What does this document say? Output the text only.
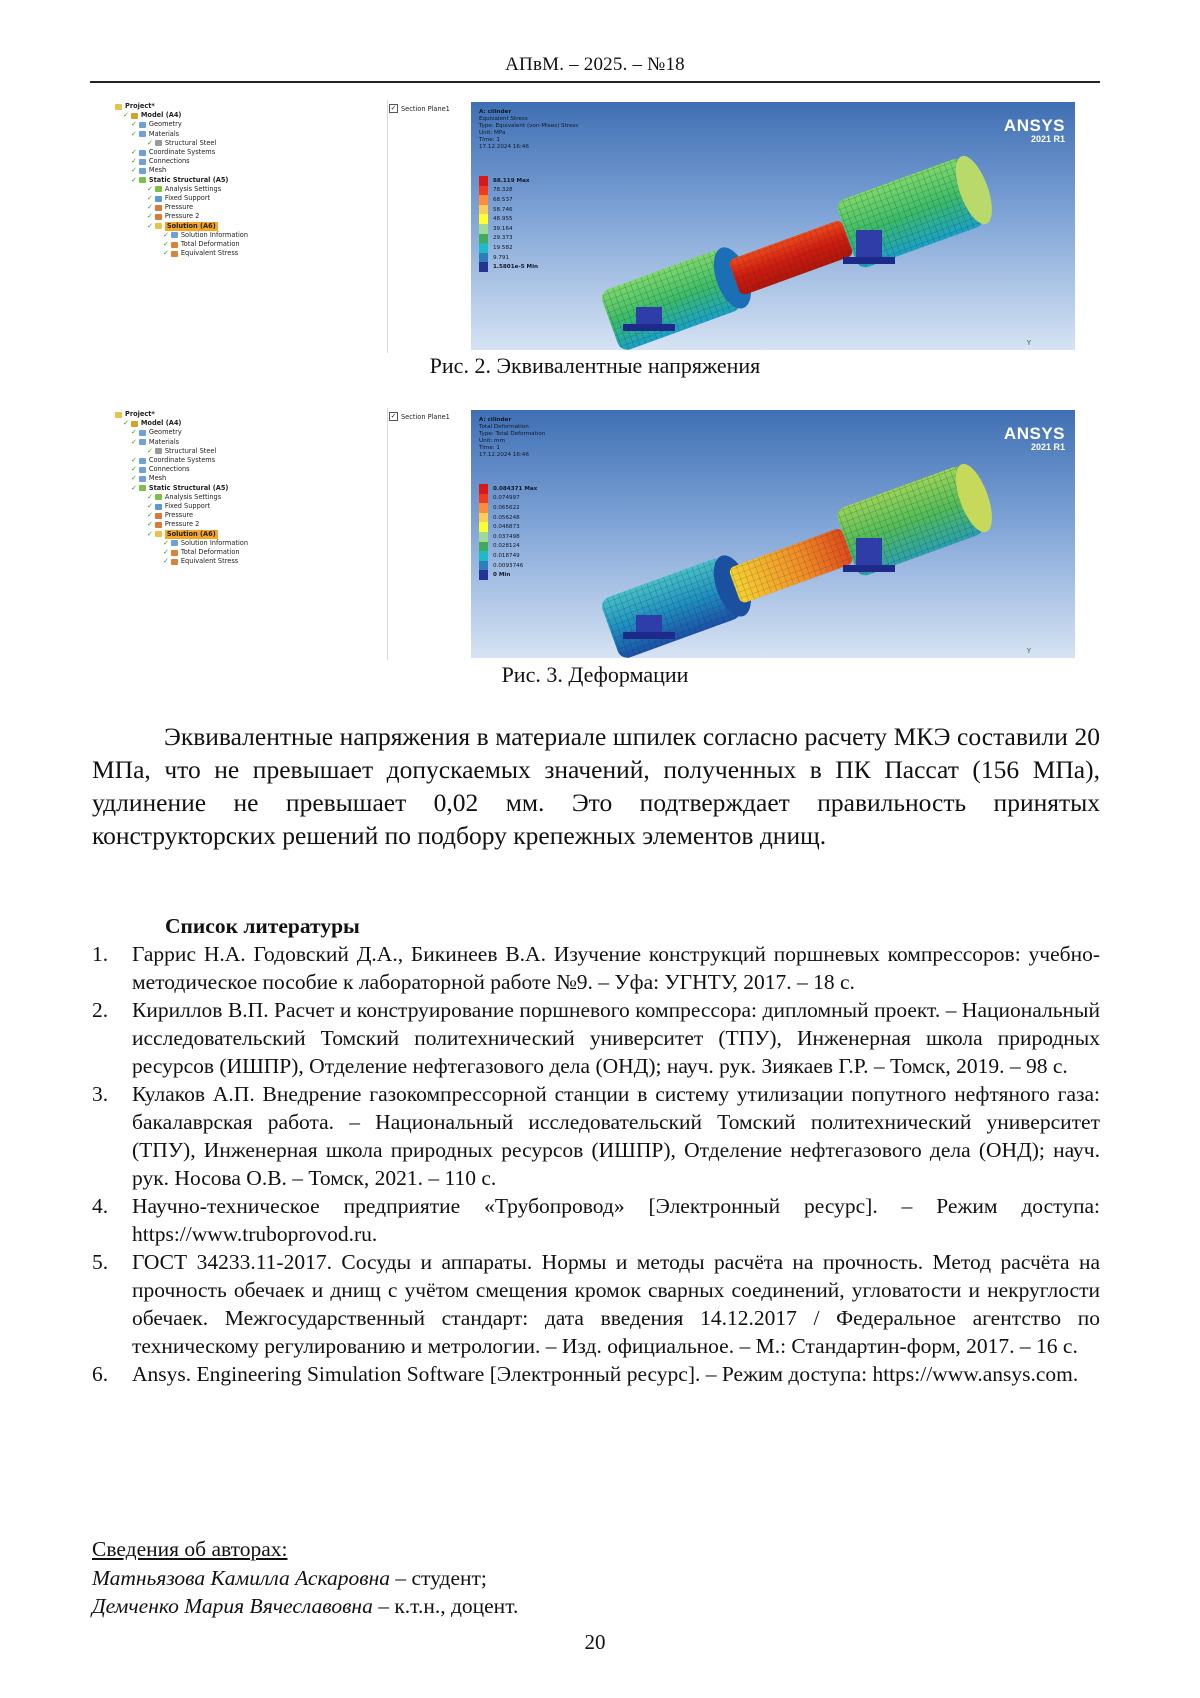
АПвМ. – 2025. – №18
Project*
✓ Model (A4)
✓ Geometry
✓ Materials
✓ Structural Steel
✓ Coordinate Systems
✓ Connections
✓ Mesh
✓ Static Structural (A5)
✓ Analysis Settings
✓ Fixed Support
✓ Pressure
✓ Pressure 2
✓	Solution (A6)
✓ Solution Information
✓ Total Deformation
✓ Equivalent Stress
✓ Section Plane1	A: cilinder
Equivalent Stress
Type: Equivalent (von-Mises) Stress
Unit: MPa
Time: 1
17.12.2024 16:46
88.119 Max
78.328
68.537
58.746
48.955
39.164
29.373
19.582
9.791
1.5801e-5 Min
ANSYS
2021 R1
Y
Рис. 2. Эквивалентные напряжения
Project*
✓ Model (A4)
✓ Geometry
✓ Materials
✓ Structural Steel
✓ Coordinate Systems
✓ Connections
✓ Mesh
✓ Static Structural (A5)
✓ Analysis Settings
✓ Fixed Support
✓ Pressure
✓ Pressure 2
✓	Solution (A6)
✓ Solution Information
✓ Total Deformation
✓ Equivalent Stress
✓ Section Plane1	A: cilinder
Total Deformation
Type: Total Deformation
Unit: mm
Time: 1
17.12.2024 16:46
0.084371 Max
0.074997
0.065622
0.056248
0.046873
0.037498
0.028124
0.018749
0.0093746
0 Min
ANSYS
2021 R1
Y
Рис. 3. Деформации
Эквивалентные напряжения в материале шпилек согласно расчету МКЭ составили 20 МПа, что не превышает допускаемых значений, полученных в ПК Пассат (156 МПа), удлинение не превышает 0,02 мм. Это подтверждает правильность принятых конструкторских решений по подбору крепежных элементов днищ.
Список литературы
1. Гаррис Н.А. Годовский Д.А., Бикинеев В.А. Изучение конструкций поршневых компрессоров: учебно-методическое пособие к лабораторной работе №9. – Уфа: УГНТУ, 2017. – 18 с.
2. Кириллов В.П. Расчет и конструирование поршневого компрессора: дипломный проект. – Национальный исследовательский Томский политехнический университет (ТПУ), Инженерная школа природных ресурсов (ИШПР), Отделение нефтегазового дела (ОНД); науч. рук. Зиякаев Г.Р. – Томск, 2019. – 98 с.
3. Кулаков А.П. Внедрение газокомпрессорной станции в систему утилизации попутного нефтяного газа: бакалаврская работа. – Национальный исследовательский Томский политехнический университет (ТПУ), Инженерная школа природных ресурсов (ИШПР), Отделение нефтегазового дела (ОНД); науч. рук. Носова О.В. – Томск, 2021. – 110 с.
4. Научно-техническое предприятие «Трубопровод» [Электронный ресурс]. – Режим доступа: https://www.truboprovod.ru.
5. ГОСТ 34233.11-2017. Сосуды и аппараты. Нормы и методы расчёта на прочность. Метод расчёта на прочность обечаек и днищ с учётом смещения кромок сварных соединений, угловатости и некруглости обечаек. Межгосударственный стандарт: дата введения 14.12.2017 / Федеральное агентство по техническому регулированию и метрологии. – Изд. официальное. – М.: Стандартин-форм, 2017. – 16 с.
6. Ansys. Engineering Simulation Software [Электронный ресурс]. – Режим доступа: https://www.ansys.com.
Сведения об авторах:
Матньязова Камилла Аскаровна – студент;
Демченко Мария Вячеславовна – к.т.н., доцент.
20
